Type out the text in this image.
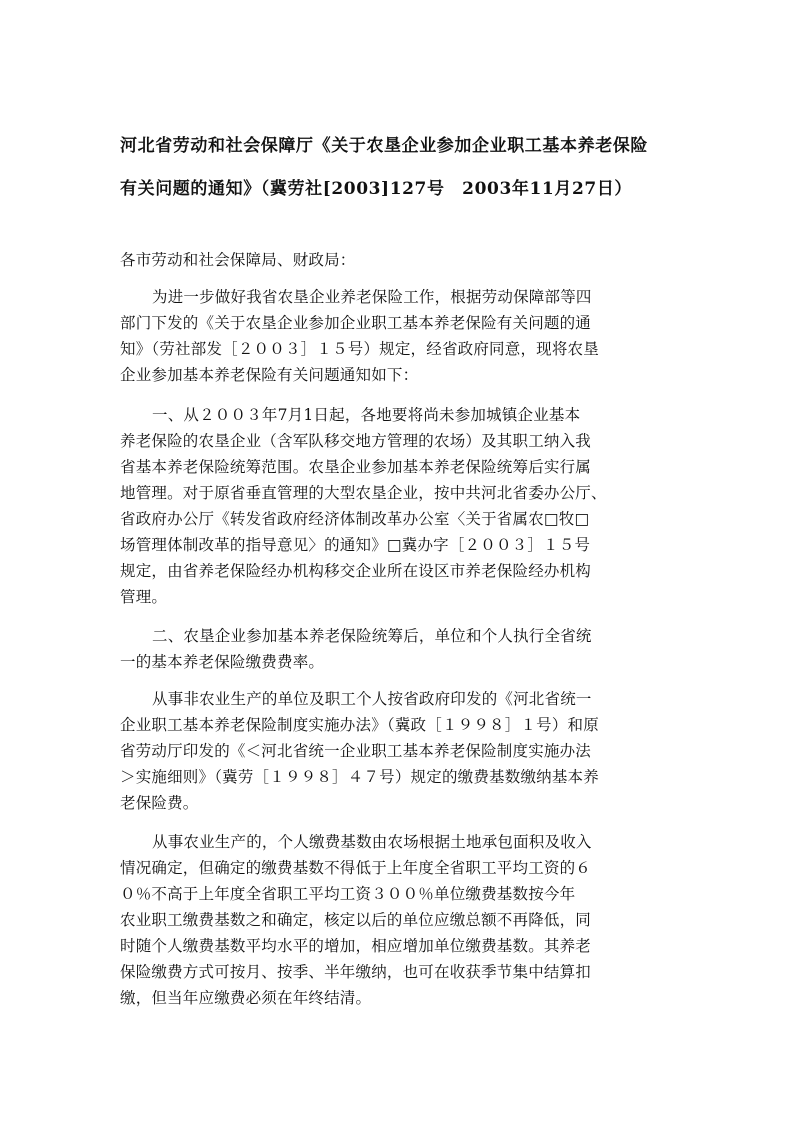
河北省劳动和社会保障厅《关于农垦企业参加企业职工基本养老保险
有关问题的通知》（冀劳社[2003]127号　2003年11月27日）
各市劳动和社会保障局、财政局：
为进一步做好我省农垦企业养老保险工作，根据劳动保障部等四
部门下发的《关于农垦企业参加企业职工基本养老保险有关问题的通
知》（劳社部发［２００３］１５号）规定，经省政府同意，现将农垦
企业参加基本养老保险有关问题通知如下：
一、从２００３年7月1日起，各地要将尚未参加城镇企业基本
养老保险的农垦企业（含军队移交地方管理的农场）及其职工纳入我
省基本养老保险统筹范围。农垦企业参加基本养老保险统筹后实行属
地管理。对于原省垂直管理的大型农垦企业，按中共河北省委办公厅、
省政府办公厅《转发省政府经济体制改革办公室〈关于省属农□牧□
场管理体制改革的指导意见〉的通知》□冀办字［２００３］１５号
规定，由省养老保险经办机构移交企业所在设区市养老保险经办机构
管理。
二、农垦企业参加基本养老保险统筹后，单位和个人执行全省统
一的基本养老保险缴费费率。
从事非农业生产的单位及职工个人按省政府印发的《河北省统一
企业职工基本养老保险制度实施办法》（冀政［１９９８］１号）和原
省劳动厅印发的《＜河北省统一企业职工基本养老保险制度实施办法
＞实施细则》（冀劳［１９９８］４７号）规定的缴费基数缴纳基本养
老保险费。
从事农业生产的，个人缴费基数由农场根据土地承包面积及收入
情况确定，但确定的缴费基数不得低于上年度全省职工平均工资的６
０％不高于上年度全省职工平均工资３００％单位缴费基数按今年
农业职工缴费基数之和确定，核定以后的单位应缴总额不再降低，同
时随个人缴费基数平均水平的增加，相应增加单位缴费基数。其养老
保险缴费方式可按月、按季、半年缴纳，也可在收获季节集中结算扣
缴，但当年应缴费必须在年终结清。
